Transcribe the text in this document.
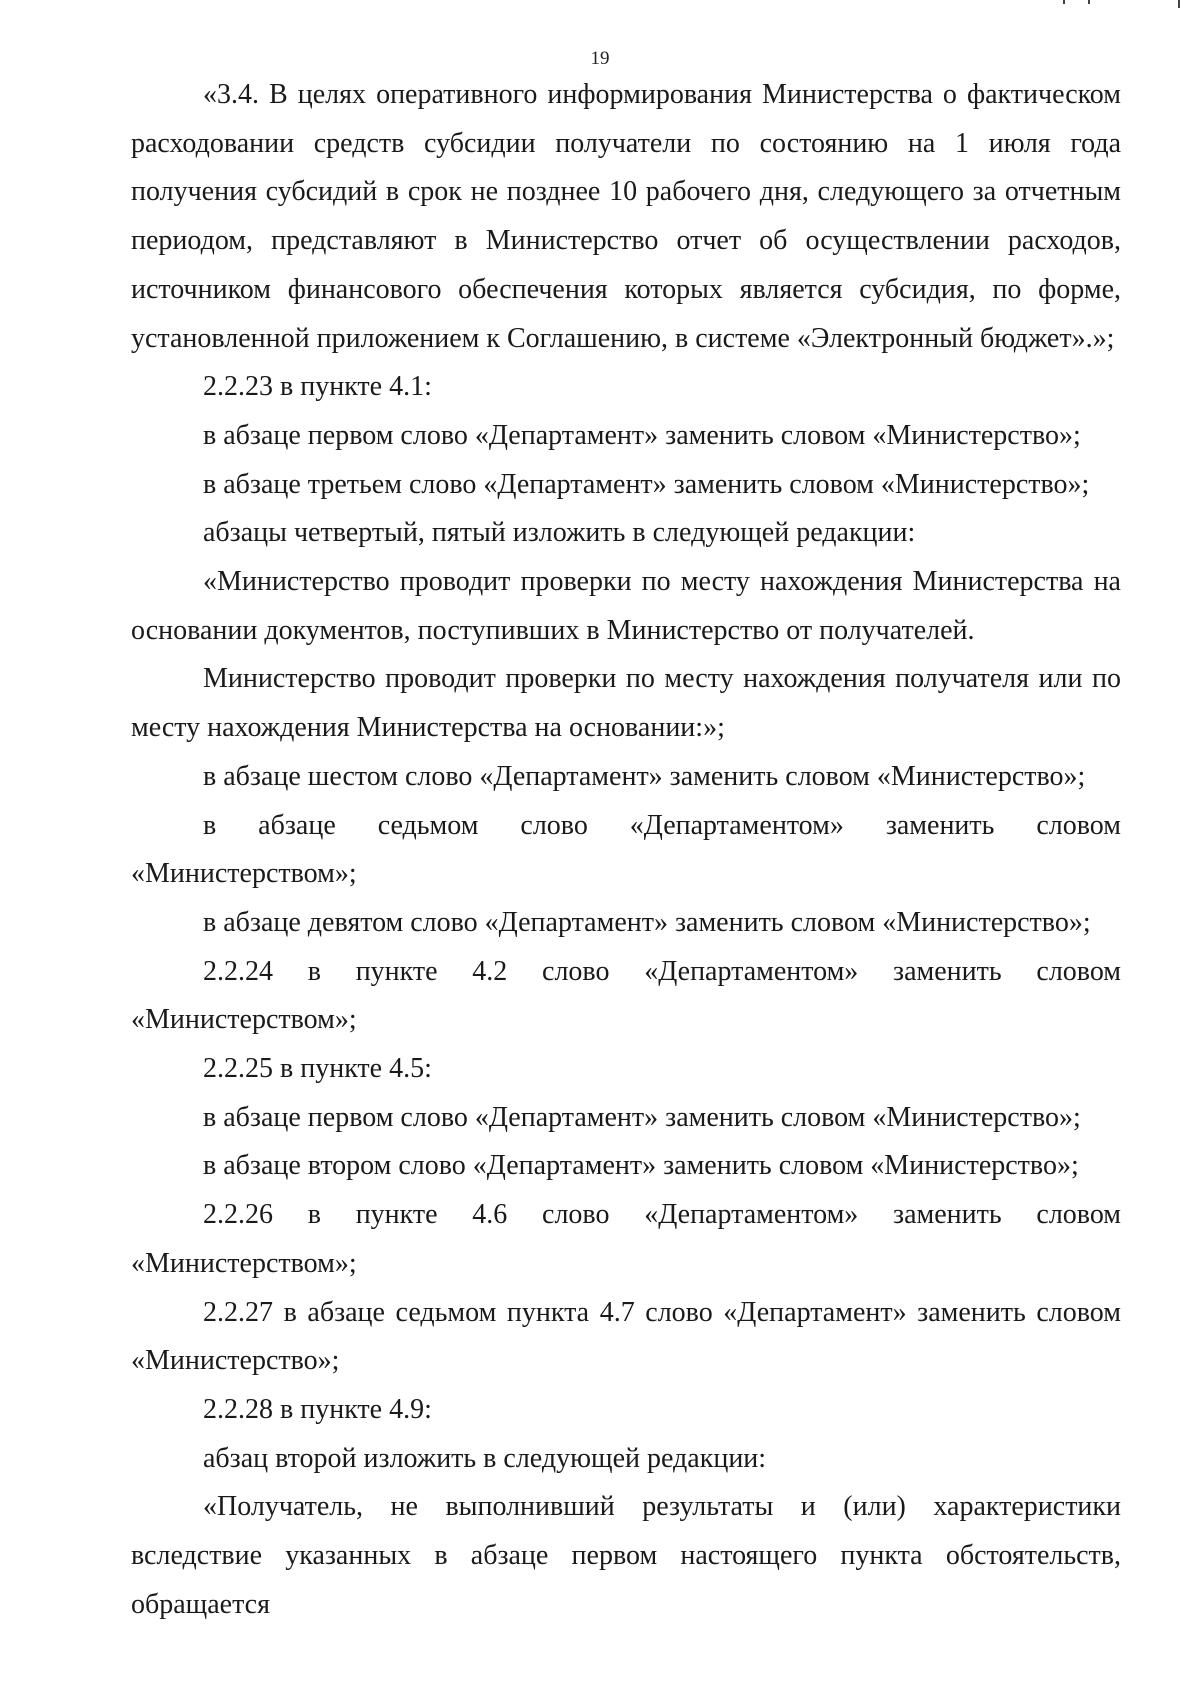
19

«3.4. В целях оперативного информирования Министерства о фактическом расходовании средств субсидии получатели по состоянию на 1 июля года получения субсидий в срок не позднее 10 рабочего дня, следующего за отчетным периодом, представляют в Министерство отчет об осуществлении расходов, источником финансового обеспечения которых является субсидия, по форме, установленной приложением к Соглашению, в системе «Электронный бюджет».»;

2.2.23 в пункте 4.1:

в абзаце первом слово «Департамент» заменить словом «Министерство»;

в абзаце третьем слово «Департамент» заменить словом «Министерство»;

абзацы четвертый, пятый изложить в следующей редакции:

«Министерство проводит проверки по месту нахождения Министерства на основании документов, поступивших в Министерство от получателей.

Министерство проводит проверки по месту нахождения получателя или по месту нахождения Министерства на основании:»;

в абзаце шестом слово «Департамент» заменить словом «Министерство»;

в абзаце седьмом слово «Департаментом» заменить словом «Министерством»;

в абзаце девятом слово «Департамент» заменить словом «Министерство»;

2.2.24 в пункте 4.2 слово «Департаментом» заменить словом «Министерством»;

2.2.25 в пункте 4.5:

в абзаце первом слово «Департамент» заменить словом «Министерство»;

в абзаце втором слово «Департамент» заменить словом «Министерство»;

2.2.26 в пункте 4.6 слово «Департаментом» заменить словом «Министерством»;

2.2.27 в абзаце седьмом пункта 4.7 слово «Департамент» заменить словом «Министерство»;

2.2.28 в пункте 4.9:

абзац второй изложить в следующей редакции:

«Получатель, не выполнивший результаты и (или) характеристики вследствие указанных в абзаце первом настоящего пункта обстоятельств, обращается
